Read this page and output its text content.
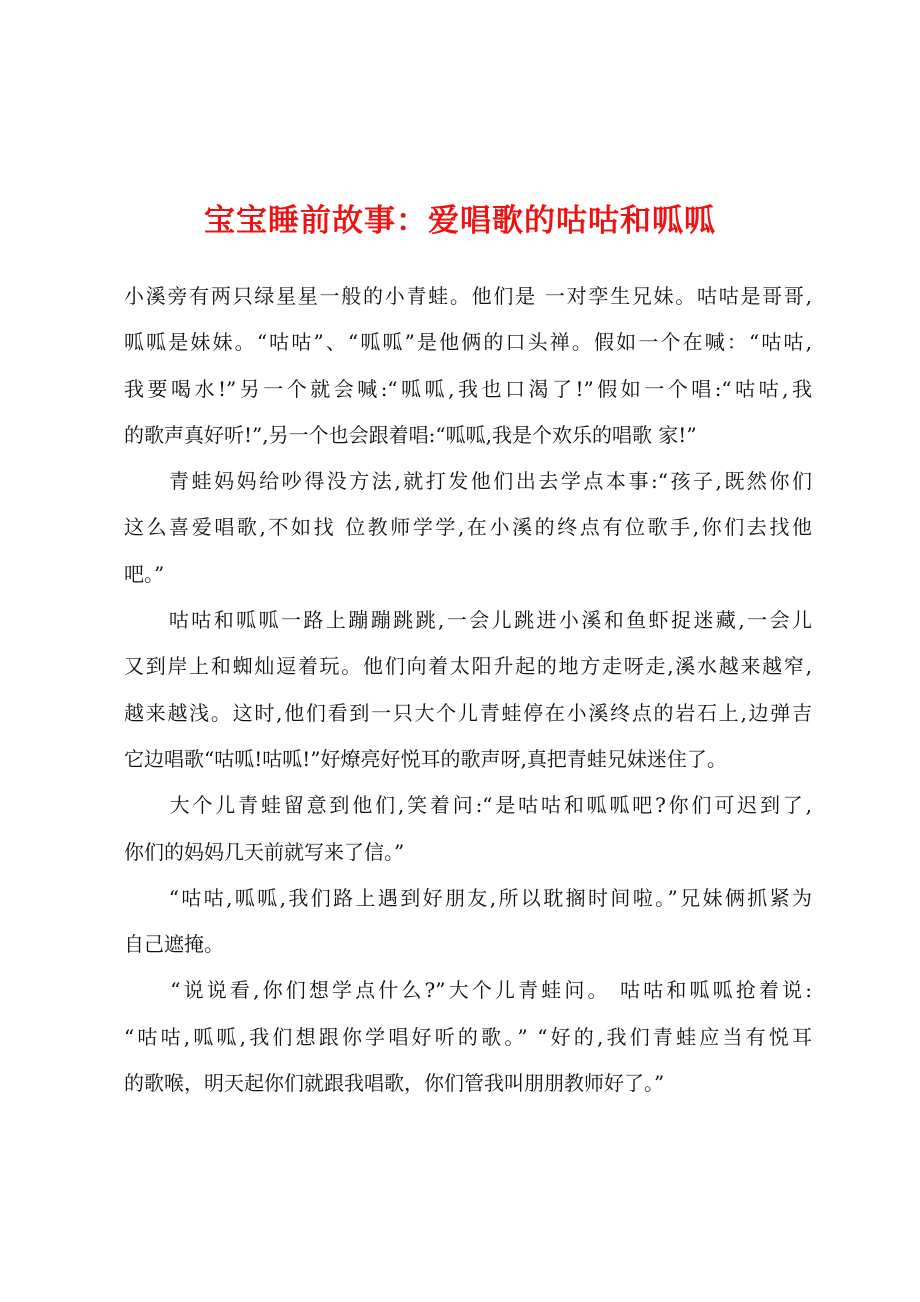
宝宝睡前故事：爱唱歌的咕咕和呱呱
小溪旁有两只绿星星一般的小青蛙。他们是 一对孪生兄妹。咕咕是哥哥,
呱呱是妹妹。“咕咕”、“呱呱”是他俩的口头禅。假如一个在喊：“咕咕,
我要喝水!”另一个就会喊:“呱呱,我也口渴了!”假如一个唱:“咕咕,我
的歌声真好听!”,另一个也会跟着唱:“呱呱,我是个欢乐的唱歌 家!”
　　青蛙妈妈给吵得没方法,就打发他们出去学点本事:“孩子,既然你们
这么喜爱唱歌,不如找 位教师学学,在小溪的终点有位歌手,你们去找他
吧。”
　　咕咕和呱呱一路上蹦蹦跳跳,一会儿跳进小溪和鱼虾捉迷藏,一会儿
又到岸上和蜘灿逗着玩。他们向着太阳升起的地方走呀走,溪水越来越窄,
越来越浅。这时,他们看到一只大个儿青蛙停在小溪终点的岩石上,边弹吉
它边唱歌“咕呱!咕呱!”好燎亮好悦耳的歌声呀,真把青蛙兄妹迷住了。
　　大个儿青蛙留意到他们,笑着问:“是咕咕和呱呱吧?你们可迟到了,
你们的妈妈几天前就写来了信。”
　　“咕咕,呱呱,我们路上遇到好朋友,所以耽搁时间啦。”兄妹俩抓紧为
自己遮掩。
　　“说说看,你们想学点什么?”大个儿青蛙问。 咕咕和呱呱抢着说:
“咕咕,呱呱,我们想跟你学唱好听的歌。” “好的,我们青蛙应当有悦耳
的歌喉，明天起你们就跟我唱歌，你们管我叫朋朋教师好了。”
